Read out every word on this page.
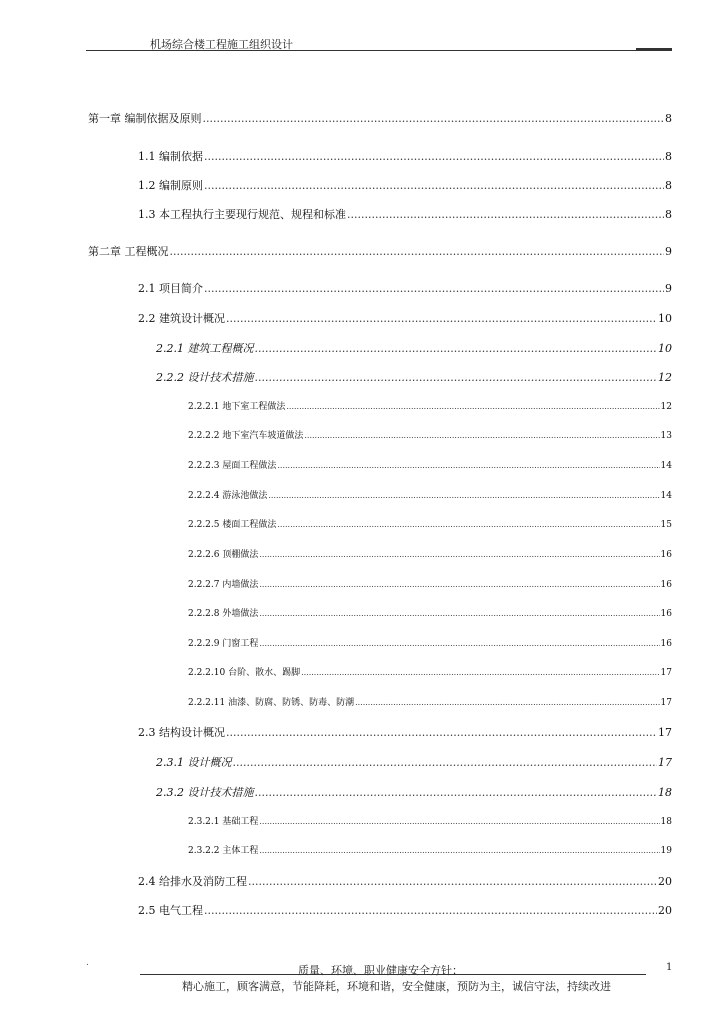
机场综合楼工程施工组织设计
第一章 编制依据及原则 .....	8
1.1 编制依据 .....	8
1.2 编制原则 .....	8
1.3 本工程执行主要现行规范、规程和标准 .....	8
第二章 工程概况 .....	9
2.1 项目简介 .....	9
2.2 建筑设计概况 .....	10
2.2.1 建筑工程概况 .....	10
2.2.2 设计技术措施 .....	12
2.2.2.1 地下室工程做法 .....	12
2.2.2.2 地下室汽车坡道做法 .....	13
2.2.2.3 屋面工程做法 .....	14
2.2.2.4 游泳池做法 .....	14
2.2.2.5 楼面工程做法 .....	15
2.2.2.6 顶棚做法 .....	16
2.2.2.7 内墙做法 .....	16
2.2.2.8 外墙做法 .....	16
2.2.2.9 门窗工程 .....	16
2.2.2.10 台阶、散水、踢脚 .....	17
2.2.2.11 油漆、防腐、防锈、防毒、防潮 .....	17
2.3 结构设计概况 .....	17
2.3.1 设计概况 .....	17
2.3.2 设计技术措施 .....	18
2.3.2.1 基础工程 .....	18
2.3.2.2 主体工程 .....	19
2.4 给排水及消防工程 .....	20
2.5 电气工程 .....	20
.
质量、环境、职业健康安全方针：	1
精心施工，顾客满意，节能降耗，环境和谐，安全健康，预防为主，诚信守法，持续改进
